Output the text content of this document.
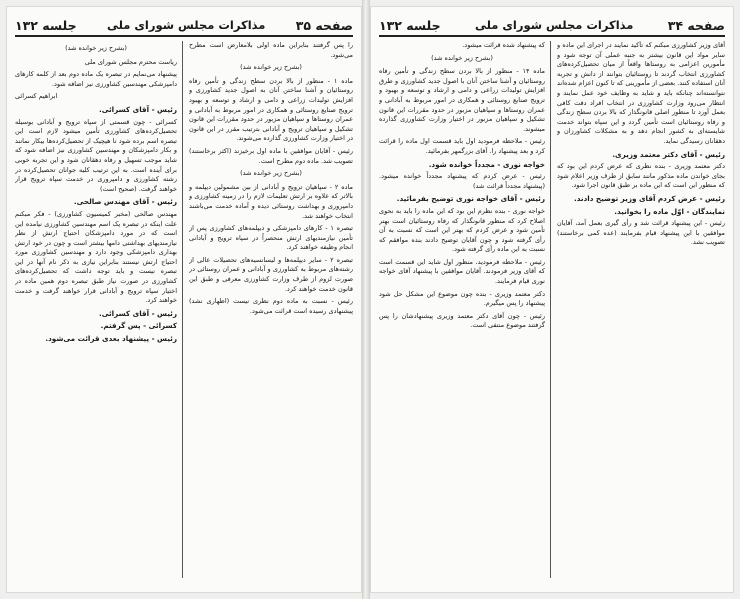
صفحه ۳۵
مذاکرات مجلس شورای ملی
جلسه ۱۳۲

را پس گرفتند بنابراین ماده اولی بلامعارض است مطرح می‌شود.

(بشرح زیر خوانده شد)

ماده ۱ - منظور از بالا بردن سطح زندگی و تأمین رفاه روستائیان و آشنا ساختن آنان به اصول جدید کشاورزی و افزایش تولیدات زراعی و دامی و ارشاد و توسعه و بهبود ترویج صنایع روستائی و همکاری در امور مربوط به آبادانی و عمران روستاها و سپاهیان مزبور در حدود مقررات این قانون تشکیل و سپاهیان ترویج و آبادانی بترتیب مقرر در این قانون در اختیار وزارت کشاورزی گذارده می‌شوند.

رئیس - آقایان موافقین با ماده اول برخیزند (اکثر برخاستند) تصویب شد. ماده دوم مطرح است.

(بشرح زیر خوانده شد)

ماده ۲ - سپاهیان ترویج و آبادانی از بین مشمولین دیپلمه و بالاتر که علاوه بر ارتش تعلیمات لازم را در زمینه کشاورزی و دامپروری و بهداشت روستائی دیده و آماده خدمت می‌باشند انتخاب خواهند شد.

تبصره ۱ - کارهای دامپزشکی و دیپلمه‌های کشاورزی پس از تأمین نیازمندیهای ارتش منحصراً در سپاه ترویج و آبادانی انجام وظیفه خواهند کرد.

تبصره ۲ - سایر دیپلمه‌ها و لیسانسیه‌های تحصیلات عالی از رشته‌های مربوط به کشاورزی و آبادانی و عمران روستائی در صورت لزوم از طرف وزارت کشاورزی معرفی و طبق این قانون خدمت خواهند کرد.

رئیس - نسبت به ماده دوم نظری نیست (اظهاری نشد) پیشنهادی رسیده است قرائت می‌شود.

(بشرح زیر خوانده شد)

ریاست محترم مجلس شورای ملی

پیشنهاد می‌نمایم در تبصره یک ماده دوم بعد از کلمه کارهای دامپزشکی مهندسین کشاورزی نیز اضافه شود.

ابراهیم کسرائی

رئیس - آقای کسرائی.

کسرائی - چون قسمتی از سپاه ترویج و آبادانی بوسیله تحصیل‌کرده‌های کشاورزی تأمین میشود لازم است این تبصره اسم برده شود تا هیچیک از تحصیل‌کرده‌ها بیکار نمانند و بکار دامپزشکان و مهندسین کشاورزی نیز اضافه شود که شاید موجب تسهیل و رفاه دهقانان شود و این تجربه خوبی برای آینده است. به این ترتیب کلیه جوانان تحصیل‌کرده در رشته کشاورزی و دامپروری در خدمت سپاه ترویج قرار خواهند گرفت. (صحیح است)

رئیس - آقای مهندس صالحی.

مهندس صالحی (مخبر کمیسیون کشاورزی) - فکر مبکنم علت اینکه در تبصره یک اسم مهندسین کشاورزی نیامده این است که در مورد دامپزشکان احتیاج ارتش از نظر نیازمندیهای بهداشتی دامها بیشتر است و چون در خود ارتش بهداری دامپزشکی وجود دارد و مهندسین کشاورزی مورد احتیاج ارتش نیستند بنابراین نیازی به ذکر نام آنها در این تبصره نیست و باید توجه داشت که تحصیل‌کرده‌های کشاورزی در صورت نیاز طبق تبصره دوم همین ماده در اختیار سپاه ترویج و آبادانی قرار خواهند گرفت و خدمت خواهند کرد.

رئیس - آقای کسرائی.

کسرائی - پس گرفتم.

رئیس - پیشنهاد بعدی قرائت می‌شود.

صفحه ۳۴
مذاکرات مجلس شورای ملی
جلسه ۱۳۲

آقای وزیر کشاورزی مبکنم که تأکید نمایند در اجرای این ماده و سایر مواد این قانون بیشتر به جنبه عملی آن توجه شود و مأمورین اعزامی به روستاها واقعاً از میان تحصیل‌کرده‌های کشاورزی انتخاب گردند تا روستائیان بتوانند از دانش و تجربه آنان استفاده کنند. بعضی از مأمورینی که تا کنون اعزام شده‌اند نتوانسته‌اند چنانکه باید و شاید به وظایف خود عمل نمایند و انتظار می‌رود وزارت کشاورزی در انتخاب افراد دقت کافی بعمل آورد تا منظور اصلی قانونگذار که بالا بردن سطح زندگی و رفاه روستائیان است تأمین گردد و این سپاه بتواند خدمت شایسته‌ای به کشور انجام دهد و به مشکلات کشاورزان و دهقانان رسیدگی نماید.

رئیس - آقای دکتر معتمد وزیری.

دکتر معتمد وزیری - بنده نظری که عرض کردم این بود که بجای خواندن ماده مذکور مانند سابق از طرف وزیر اعلام شود که منظور این است که این ماده بر طبق قانون اجرا شود.

رئیس - عرض کردم آقای وزیر توضیح دادند.

نمایندگان - اوّل ماده را بخوانید.

رئیس - این پیشنهاد قرائت شد و رأی گیری بعمل آمد، آقایان موافقین با این پیشنهاد قیام بفرمایند (عده کمی برخاستند) تصویب نشد.

که پیشنهاد شده قرائت میشود.

(بشرح زیر خوانده شد)

ماده ۱۴ - منظور از بالا بردن سطح زندگی و تأمین رفاه روستائیان و آشنا ساختن آنان با اصول جدید کشاورزی و طرق افزایش تولیدات زراعی و دامی و ارشاد و توسعه و بهبود و ترویج صنایع روستائی و همکاری در امور مربوط به آبادانی و عمران روستاها و سپاهیان مزبور در حدود مقررات این قانون تشکیل و سپاهیان مزبور در اختیار وزارت کشاورزی گذارده میشوند.

رئیس - ملاحظه فرمودید اول باید قسمت اول ماده را قرائت کرد و بعد پیشنهاد را. آقای بزرگمهر بفرمائید.

خواجه نوری - مجدداً خوانده شود.

رئیس - عرض کردم که پیشنهاد مجدداً خوانده میشود. (پیشنهاد مجدداً قرائت شد)

رئیس - آقای خواجه نوری توضیح بفرمائید.

خواجه نوری - بنده نظرم این بود که این ماده را باید به نحوی اصلاح کرد که منظور قانونگذار که رفاه روستائیان است بهتر تأمین شود و عرض کردم که بهتر این است که نسبت به آن رأی گرفته شود و چون آقایان توضیح دادند بنده موافقم که نسبت به این ماده رأی گرفته شود.

رئیس - ملاحظه فرمودید، منظور اول شاید این قسمت است که آقای وزیر فرمودند. آقایان موافقین با پیشنهاد آقای خواجه نوری قیام فرمایند.

دکتر معتمد وزیری - بنده چون موضوع این مشکل حل شود پیشنهاد را پس میگیرم.

رئیس - چون آقای دکتر معتمد وزیری پیشنهادشان را پس گرفتند موضوع منتفی است.
